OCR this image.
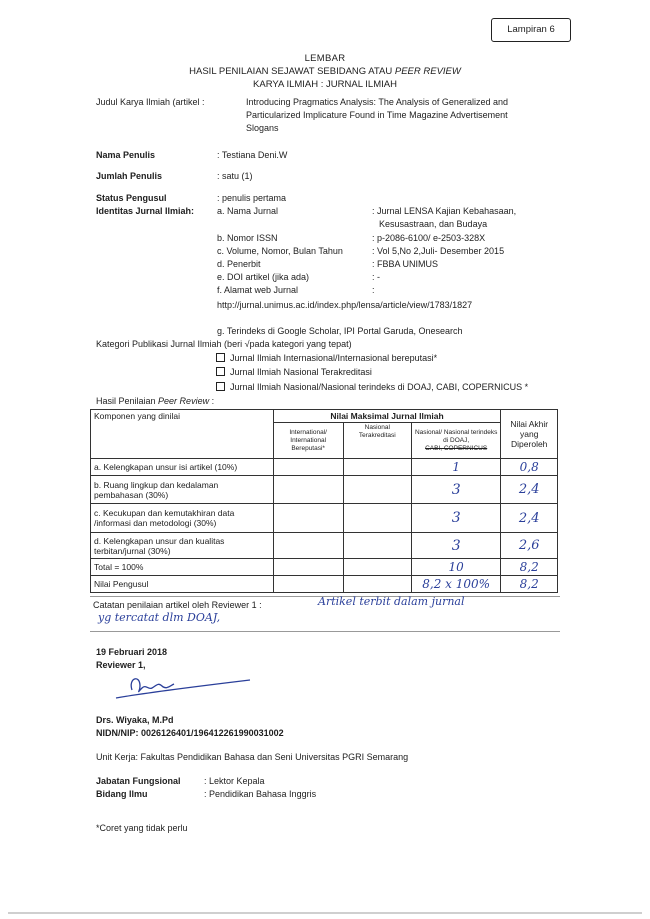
Lampiran 6
LEMBAR
HASIL PENILAIAN SEJAWAT SEBIDANG ATAU PEER REVIEW
KARYA ILMIAH : JURNAL ILMIAH
Judul Karya Ilmiah (artikel :	Introducing Pragmatics Analysis: The Analysis of Generalized and
Particularized Implicature Found in Time Magazine Advertisement
Slogans
Nama Penulis	: Testiana Deni.W
Jumlah Penulis	: satu (1)
Status Pengusul	: penulis pertama
Identitas Jurnal Ilmiah:	a. Nama Jurnal	: Jurnal LENSA Kajian Kebahasaan,
Kesusastraan, dan Budaya
b. Nomor ISSN	: p-2086-6100/ e-2503-328X
c. Volume, Nomor, Bulan Tahun	: Vol 5,No 2,Juli- Desember 2015
d. Penerbit	: FBBA UNIMUS
e. DOI artikel (jika ada)	: -
f. Alamat web Jurnal	:
http://jurnal.unimus.ac.id/index.php/lensa/article/view/1783/1827
g. Terindeks di Google Scholar, IPI Portal Garuda, Onesearch
Kategori Publikasi Jurnal Ilmiah (beri √pada kategori yang tepat)
Jurnal Ilmiah Internasional/Internasional bereputasi*
Jurnal Ilmiah Nasional Terakreditasi
Jurnal Ilmiah Nasional/Nasional terindeks di DOAJ, CABI, COPERNICUS *
Hasil Penilaian Peer Review :
Komponen yang dinilai	Nilai Maksimal Jurnal Ilmiah			Nilai Akhir yang Diperoleh
	International/ International Bereputasi*	Nasional Terakreditasi	Nasional/ Nasional terindeks di DOAJ,
CABI, COPERNICUS	
a. Kelengkapan unsur isi artikel (10%)			1	0,8
b. Ruang lingkup dan kedalaman pembahasan (30%)			3	2,4
c. Kecukupan dan kemutakhiran data /informasi dan metodologi (30%)			3	2,4
d. Kelengkapan unsur dan kualitas terbitan/jurnal (30%)			3	2,6
Total = 100%			10	8,2
Nilai Pengusul			8,2 x 100%	8,2
Catatan penilaian artikel oleh Reviewer 1 :	Artikel terbit dalam jurnal
yg tercatat dlm DOAJ,
19 Februari 2018
Reviewer 1,
Drs. Wiyaka, M.Pd
NIDN/NIP: 0026126401/196412261990031002
Unit Kerja: Fakultas Pendidikan Bahasa dan Seni Universitas PGRI Semarang
Jabatan Fungsional	: Lektor Kepala
Bidang Ilmu	: Pendidikan Bahasa Inggris
*Coret yang tidak perlu
